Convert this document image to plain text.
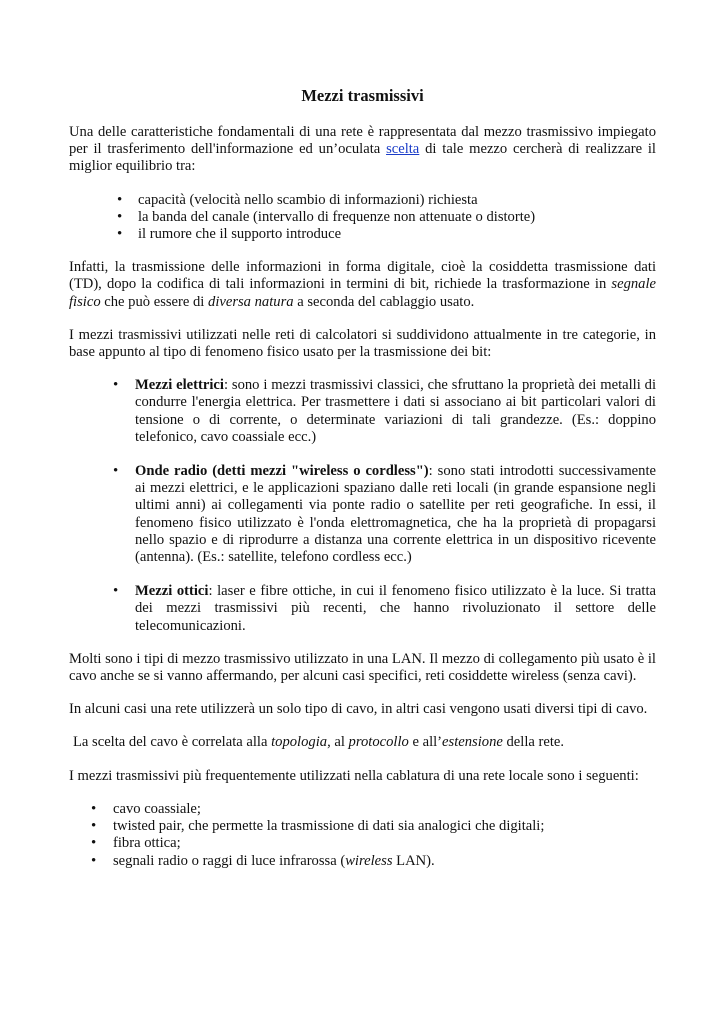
Mezzi trasmissivi

Una delle caratteristiche fondamentali di una rete è rappresentata dal mezzo trasmissivo impiegato per il trasferimento dell'informazione ed un’oculata scelta di tale mezzo cercherà di realizzare il miglior equilibrio tra:

• capacità (velocità nello scambio di informazioni) richiesta
• la banda del canale (intervallo di frequenze non attenuate o distorte)
• il rumore che il supporto introduce

Infatti, la trasmissione delle informazioni in forma digitale, cioè la cosiddetta trasmissione dati (TD), dopo la codifica di tali informazioni in termini di bit, richiede la trasformazione in segnale fisico che può essere di diversa natura a seconda del cablaggio usato.

I mezzi trasmissivi utilizzati nelle reti di calcolatori si suddividono attualmente in tre categorie, in base appunto al tipo di fenomeno fisico usato per la trasmissione dei bit:

• Mezzi elettrici: sono i mezzi trasmissivi classici, che sfruttano la proprietà dei metalli di condurre l'energia elettrica. Per trasmettere i dati si associano ai bit particolari valori di tensione o di corrente, o determinate variazioni di tali grandezze. (Es.: doppino telefonico, cavo coassiale ecc.)
• Onde radio (detti mezzi "wireless o cordless"): sono stati introdotti successivamente ai mezzi elettrici, e le applicazioni spaziano dalle reti locali (in grande espansione negli ultimi anni) ai collegamenti via ponte radio o satellite per reti geografiche. In essi, il fenomeno fisico utilizzato è l'onda elettromagnetica, che ha la proprietà di propagarsi nello spazio e di riprodurre a distanza una corrente elettrica in un dispositivo ricevente (antenna). (Es.: satellite, telefono cordless ecc.)
• Mezzi ottici: laser e fibre ottiche, in cui il fenomeno fisico utilizzato è la luce. Si tratta dei mezzi trasmissivi più recenti, che hanno rivoluzionato il settore delle telecomunicazioni.

Molti sono i tipi di mezzo trasmissivo utilizzato in una LAN. Il mezzo di collegamento più usato è il cavo anche se si vanno affermando, per alcuni casi specifici, reti cosiddette wireless (senza cavi).

In alcuni casi una rete utilizzerà un solo tipo di cavo, in altri casi vengono usati diversi tipi di cavo.

La scelta del cavo è correlata alla topologia, al protocollo e all’estensione della rete.

I mezzi trasmissivi più frequentemente utilizzati nella cablatura di una rete locale sono i seguenti:

• cavo coassiale;
• twisted pair, che permette la trasmissione di dati sia analogici che digitali;
• fibra ottica;
• segnali radio o raggi di luce infrarossa (wireless LAN).
